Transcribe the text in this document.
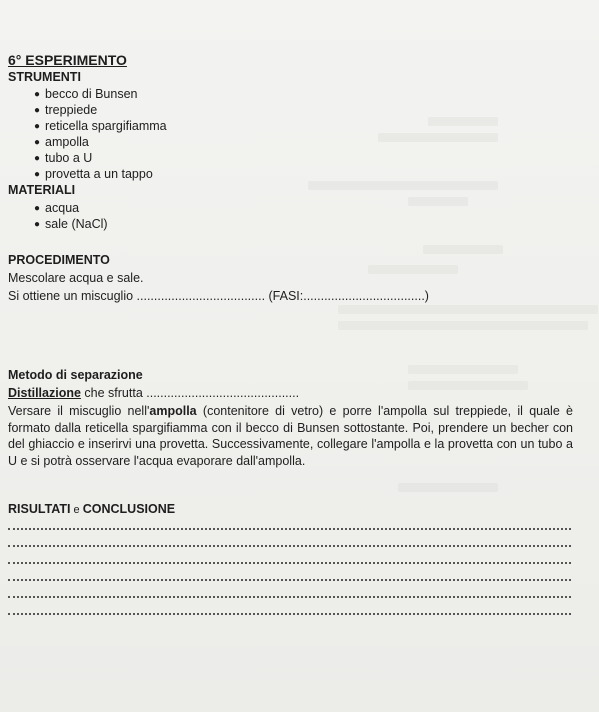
6° ESPERIMENTO
STRUMENTI
● becco di Bunsen
● treppiede
● reticella spargifiamma
● ampolla
● tubo a U
● provetta a un tappo
MATERIALI
● acqua
● sale (NaCl)
PROCEDIMENTO
Mescolare acqua e sale.
Si ottiene un miscuglio ..................................... (FASI:...................................)
Metodo di separazione
Distillazione che sfrutta ............................................
Versare il miscuglio nell'ampolla (contenitore di vetro) e porre l'ampolla sul treppiede, il quale è formato dalla reticella spargifiamma con il becco di Bunsen sottostante. Poi, prendere un becher con del ghiaccio e inserirvi una provetta. Successivamente, collegare l'ampolla e la provetta con un tubo a U e si potrà osservare l'acqua evaporare dall'ampolla.
RISULTATI e CONCLUSIONE
